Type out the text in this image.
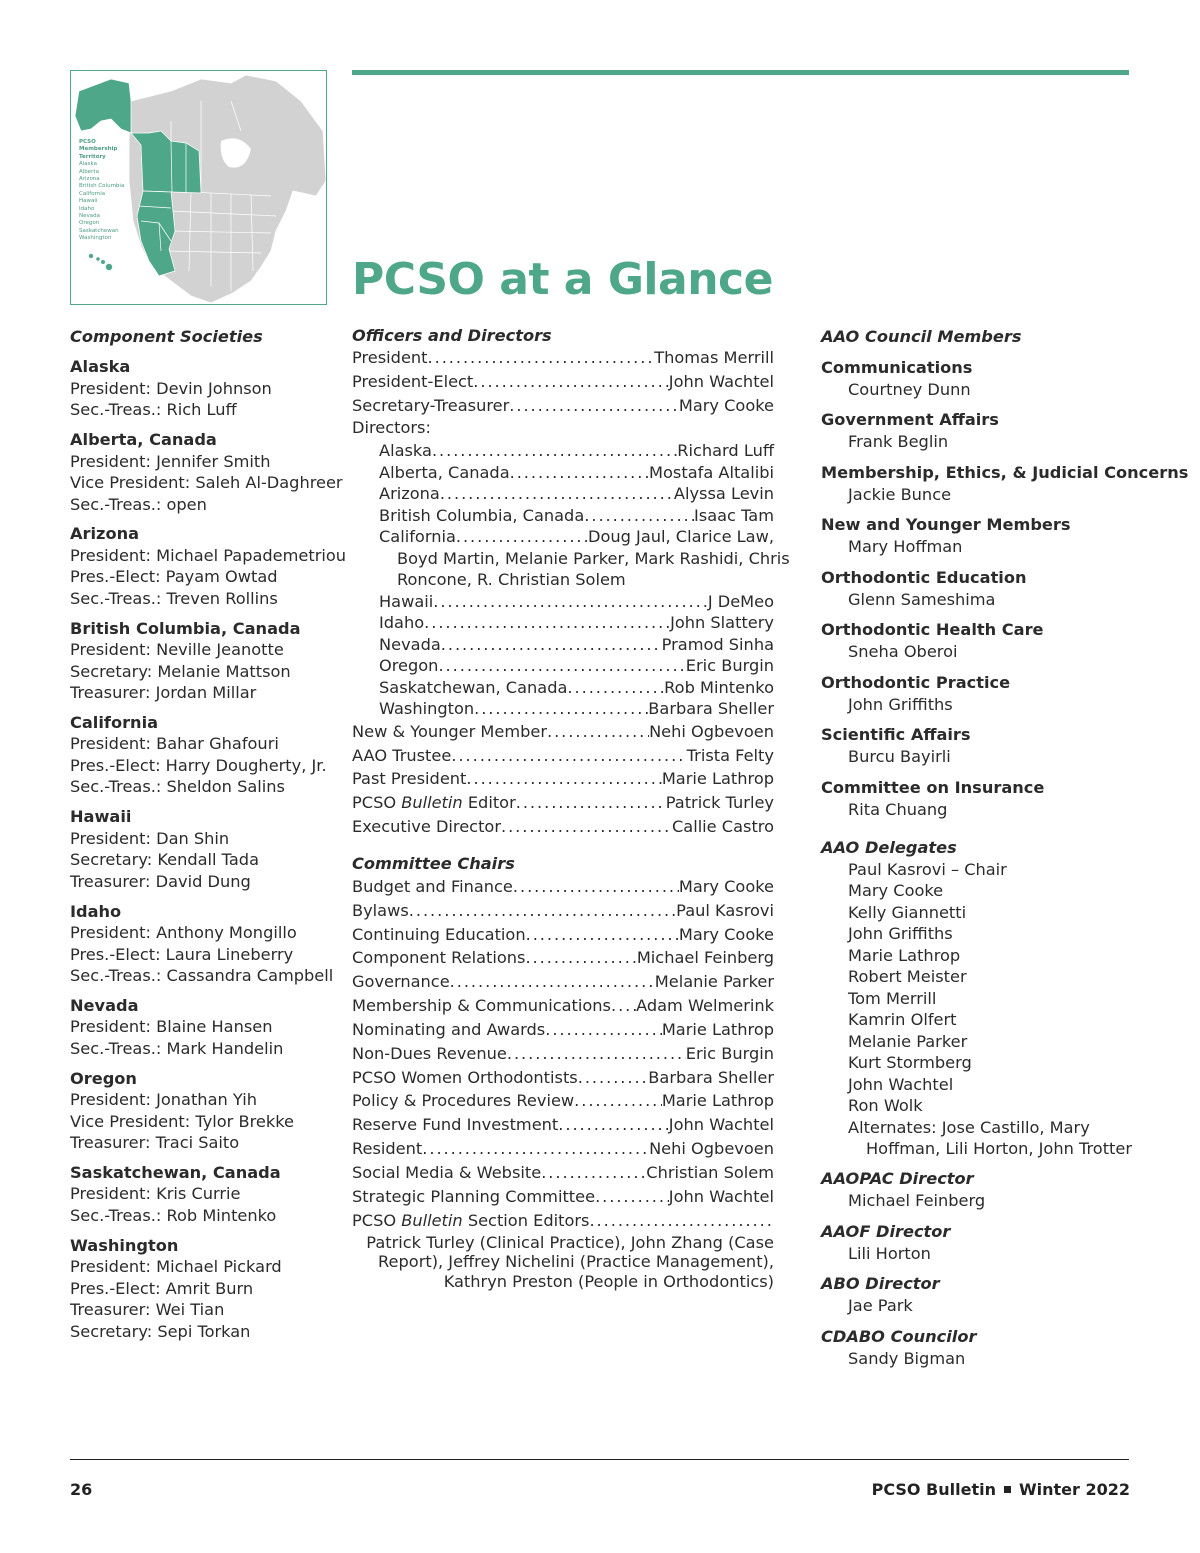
PCSO
Membership
Territory
Alaska
Alberta
Arizona
British Columbia
California
Hawaii
Idaho
Nevada
Oregon
Saskatchewan
Washington
PCSO at a Glance
Component Societies
Alaska
President: Devin Johnson
Sec.-Treas.: Rich Luff
Alberta, Canada
President: Jennifer Smith
Vice President: Saleh Al-Daghreer
Sec.-Treas.: open
Arizona
President: Michael Papademetriou
Pres.-Elect: Payam Owtad
Sec.-Treas.: Treven Rollins
British Columbia, Canada
President: Neville Jeanotte
Secretary: Melanie Mattson
Treasurer: Jordan Millar
California
President: Bahar Ghafouri
Pres.-Elect: Harry Dougherty, Jr.
Sec.-Treas.: Sheldon Salins
Hawaii
President: Dan Shin
Secretary: Kendall Tada
Treasurer: David Dung
Idaho
President: Anthony Mongillo
Pres.-Elect: Laura Lineberry
Sec.-Treas.: Cassandra Campbell
Nevada
President: Blaine Hansen
Sec.-Treas.: Mark Handelin
Oregon
President: Jonathan Yih
Vice President: Tylor Brekke
Treasurer: Traci Saito
Saskatchewan, Canada
President: Kris Currie
Sec.-Treas.: Rob Mintenko
Washington
President: Michael Pickard
Pres.-Elect: Amrit Burn
Treasurer: Wei Tian
Secretary: Sepi Torkan
Officers and Directors
President . . .	Thomas Merrill
President-Elect . . .	John Wachtel
Secretary-Treasurer . . .	Mary Cooke
Directors:
Alaska . . .	Richard Luff
Alberta, Canada . . .	Mostafa Altalibi
Arizona . . .	Alyssa Levin
British Columbia, Canada . . .	Isaac Tam
California . . .	Doug Jaul, Clarice Law,
Boyd Martin, Melanie Parker, Mark Rashidi, Chris
Roncone, R. Christian Solem
Hawaii . . .	J DeMeo
Idaho . . .	John Slattery
Nevada . . .	Pramod Sinha
Oregon . . .	Eric Burgin
Saskatchewan, Canada . . .	Rob Mintenko
Washington . . .	Barbara Sheller
New & Younger Member . . .	Nehi Ogbevoen
AAO Trustee . . .	Trista Felty
Past President . . .	Marie Lathrop
PCSO Bulletin Editor . . .	Patrick Turley
Executive Director . . .	Callie Castro
Committee Chairs
Budget and Finance . . .	Mary Cooke
Bylaws . . .	Paul Kasrovi
Continuing Education . . .	Mary Cooke
Component Relations . . .	Michael Feinberg
Governance . . .	Melanie Parker
Membership & Communications . . . Adam Welmerink
Nominating and Awards . . .	Marie Lathrop
Non-Dues Revenue . . .	Eric Burgin
PCSO Women Orthodontists . . .	Barbara Sheller
Policy & Procedures Review . . .	Marie Lathrop
Reserve Fund Investment . . .	John Wachtel
Resident . . .	Nehi Ogbevoen
Social Media & Website . . .	Christian Solem
Strategic Planning Committee . . .	John Wachtel
PCSO Bulletin Section Editors
. . .
Patrick Turley (Clinical Practice), John Zhang (Case
Report), Jeffrey Nichelini (Practice Management),
Kathryn Preston (People in Orthodontics)
AAO Council Members
Communications
Courtney Dunn
Government Affairs
Frank Beglin
Membership, Ethics, & Judicial Concerns
Jackie Bunce
New and Younger Members
Mary Hoffman
Orthodontic Education
Glenn Sameshima
Orthodontic Health Care
Sneha Oberoi
Orthodontic Practice
John Griffiths
Scientific Affairs
Burcu Bayirli
Committee on Insurance
Rita Chuang
AAO Delegates
Paul Kasrovi – Chair
Mary Cooke
Kelly Giannetti
John Griffiths
Marie Lathrop
Robert Meister
Tom Merrill
Kamrin Olfert
Melanie Parker
Kurt Stormberg
John Wachtel
Ron Wolk
Alternates: Jose Castillo, Mary
Hoffman, Lili Horton, John Trotter
AAOPAC Director
Michael Feinberg
AAOF Director
Lili Horton
ABO Director
Jae Park
CDABO Councilor
Sandy Bigman
26	PCSO Bulletin Winter 2022
